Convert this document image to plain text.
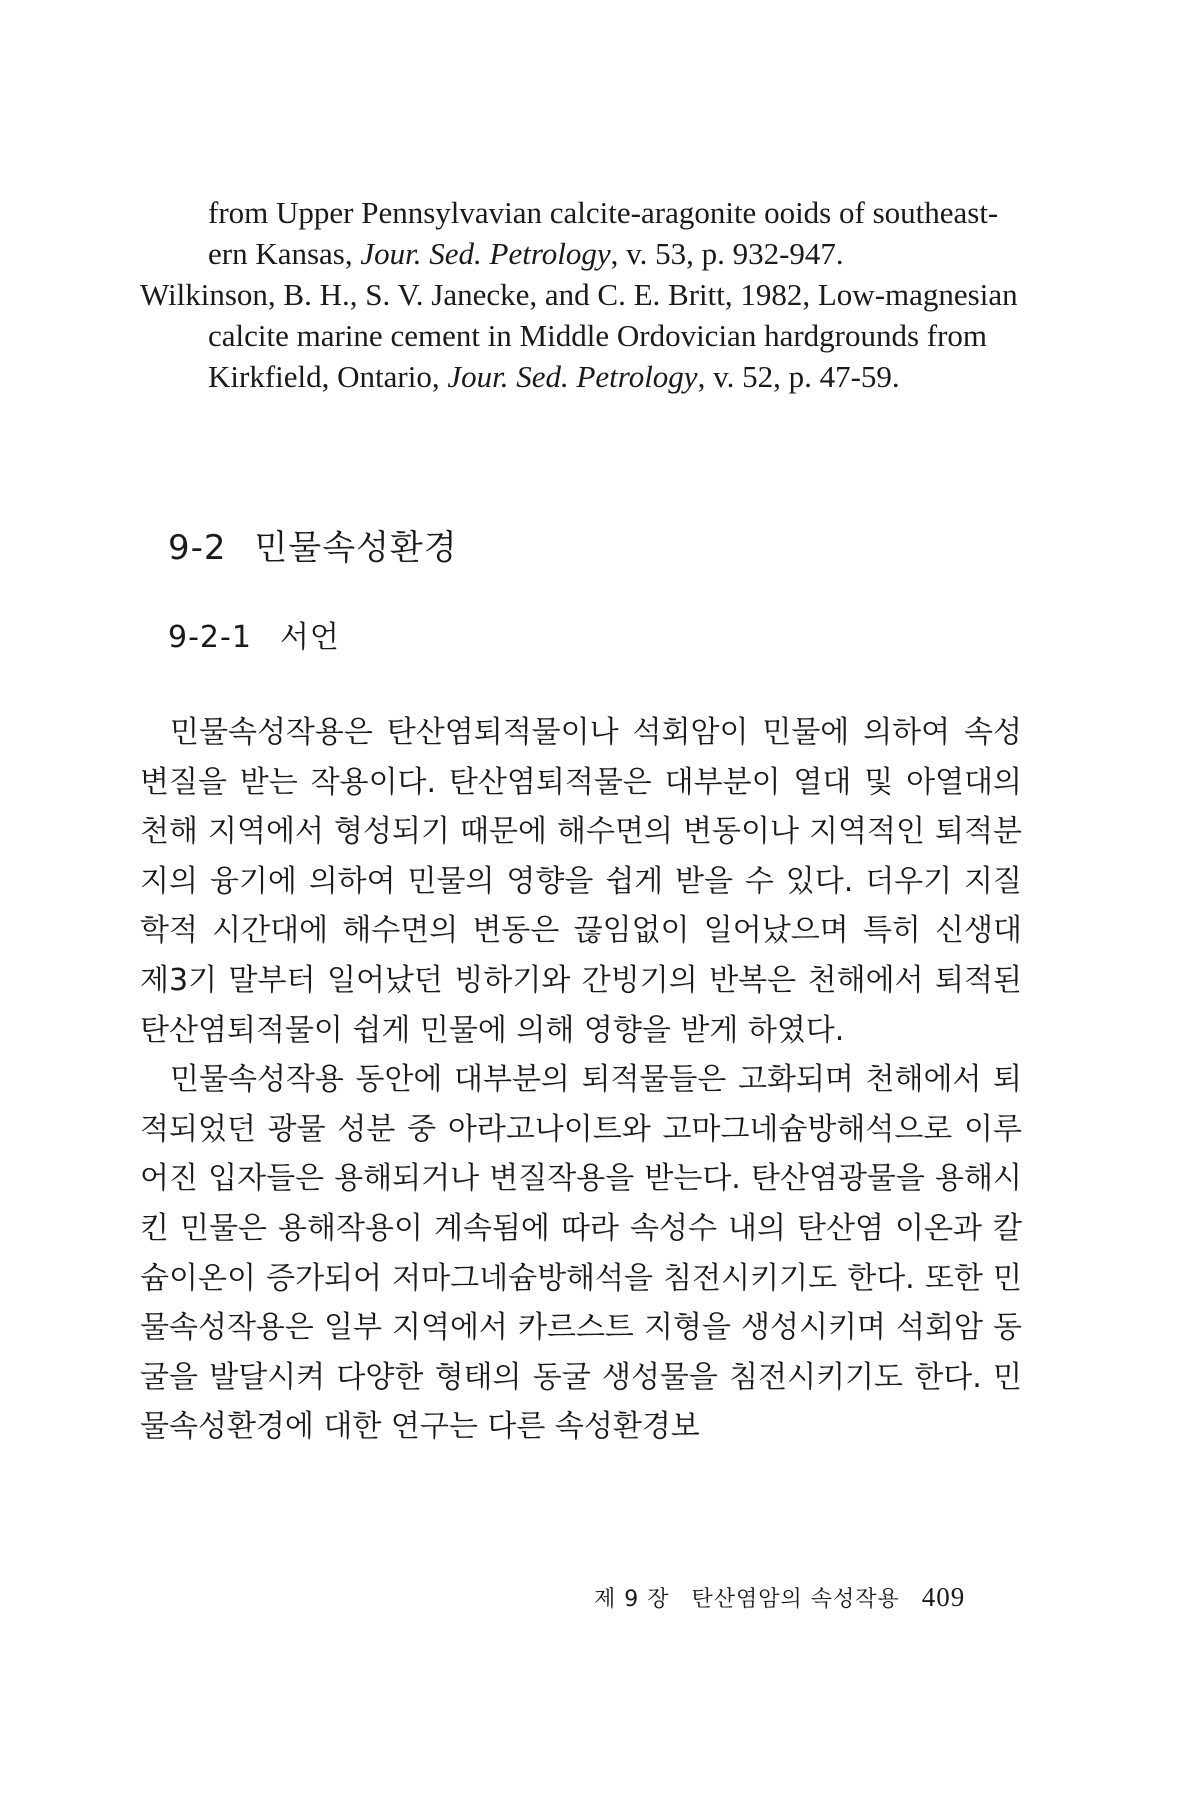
from Upper Pennsylvavian calcite-aragonite ooids of southeast-ern Kansas, Jour. Sed. Petrology, v. 53, p. 932-947.

Wilkinson, B. H., S. V. Janecke, and C. E. Britt, 1982, Low-magnesian calcite marine cement in Middle Ordovician hardgrounds from Kirkfield, Ontario, Jour. Sed. Petrology, v. 52, p. 47-59.

9-2 민물속성환경
9-2-1 서언

민물속성작용은 탄산염퇴적물이나 석회암이 민물에 의하여 속성변질을 받는 작용이다. 탄산염퇴적물은 대부분이 열대 및 아열대의 천해 지역에서 형성되기 때문에 해수면의 변동이나 지역적인 퇴적분지의 융기에 의하여 민물의 영향을 쉽게 받을 수 있다. 더우기 지질학적 시간대에 해수면의 변동은 끊임없이 일어났으며 특히 신생대 제3기 말부터 일어났던 빙하기와 간빙기의 반복은 천해에서 퇴적된 탄산염퇴적물이 쉽게 민물에 의해 영향을 받게 하였다.

민물속성작용 동안에 대부분의 퇴적물들은 고화되며 천해에서 퇴적되었던 광물 성분 중 아라고나이트와 고마그네슘방해석으로 이루어진 입자들은 용해되거나 변질작용을 받는다. 탄산염광물을 용해시킨 민물은 용해작용이 계속됨에 따라 속성수 내의 탄산염 이온과 칼슘이온이 증가되어 저마그네슘방해석을 침전시키기도 한다. 또한 민물속성작용은 일부 지역에서 카르스트 지형을 생성시키며 석회암 동굴을 발달시켜 다양한 형태의 동굴 생성물을 침전시키기도 한다. 민물속성환경에 대한 연구는 다른 속성환경보

제 9 장 탄산염암의 속성작용 409
